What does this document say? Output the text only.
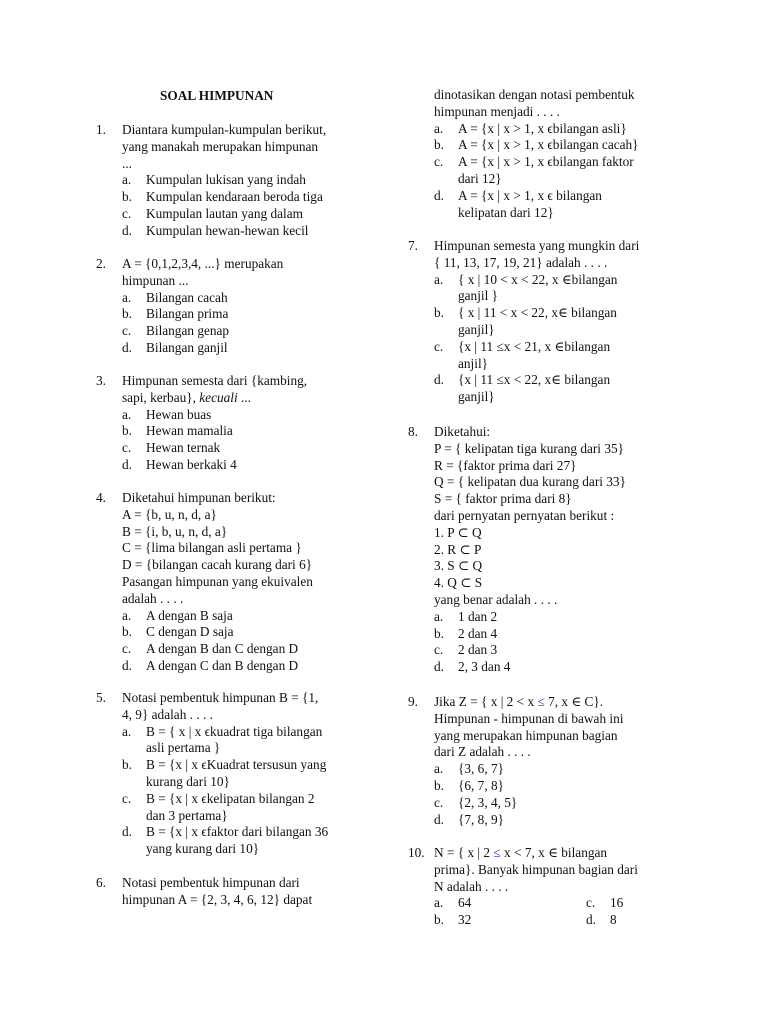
SOAL HIMPUNAN
1. Diantara kumpulan-kumpulan berikut,
yang manakah merupakan himpunan
...
a. Kumpulan lukisan yang indah
b. Kumpulan kendaraan beroda tiga
c. Kumpulan lautan yang dalam
d. Kumpulan hewan-hewan kecil
2. A = {0,1,2,3,4, ...} merupakan
himpunan ...
a. Bilangan cacah
b. Bilangan prima
c. Bilangan genap
d. Bilangan ganjil
3. Himpunan semesta dari {kambing,
sapi, kerbau}, kecuali ...
a. Hewan buas
b. Hewan mamalia
c. Hewan ternak
d. Hewan berkaki 4
4. Diketahui himpunan berikut:
A = {b, u, n, d, a}
B = {i, b, u, n, d, a}
C = {lima bilangan asli pertama }
D = {bilangan cacah kurang dari 6}
Pasangan himpunan yang ekuivalen
adalah . . . .
a. A dengan B saja
b. C dengan D saja
c. A dengan B dan C dengan D
d. A dengan C dan B dengan D
5. Notasi pembentuk himpunan B = {1,
4, 9} adalah . . . .
a. B = { x | x ϵkuadrat tiga bilangan
asli pertama }
b. B = {x | x ϵKuadrat tersusun yang
kurang dari 10}
c. B = {x | x ϵkelipatan bilangan 2
dan 3 pertama}
d. B = {x | x ϵfaktor dari bilangan 36
yang kurang dari 10}
6. Notasi pembentuk himpunan dari
himpunan A = {2, 3, 4, 6, 12} dapat
dinotasikan dengan notasi pembentuk
himpunan menjadi . . . .
a. A = {x | x > 1, x ϵbilangan asli}
b. A = {x | x > 1, x ϵbilangan cacah}
c. A = {x | x > 1, x ϵbilangan faktor
dari 12}
d. A = {x | x > 1, x ϵ bilangan
kelipatan dari 12}
7. Himpunan semesta yang mungkin dari
{ 11, 13, 17, 19, 21} adalah . . . .
a. { x | 10 < x < 22, x ∈bilangan
ganjil }
b. { x | 11 < x < 22, x∈ bilangan
ganjil}
c. {x | 11 ≤x < 21, x ∈bilangan
anjil}
d. {x | 11 ≤x < 22, x∈ bilangan
ganjil}
8. Diketahui:
P = { kelipatan tiga kurang dari 35}
R = {faktor prima dari 27}
Q = { kelipatan dua kurang dari 33}
S = { faktor prima dari 8}
dari pernyatan pernyatan berikut :
1. P ⊂ Q
2. R ⊂ P
3. S ⊂ Q
4. Q ⊂ S
yang benar adalah . . . .
a. 1 dan 2
b. 2 dan 4
c. 2 dan 3
d. 2, 3 dan 4
9. Jika Z = { x | 2 < x ≤ 7, x ∈ C}.
Himpunan - himpunan di bawah ini
yang merupakan himpunan bagian
dari Z adalah . . . .
a. {3, 6, 7}
b. {6, 7, 8}
c. {2, 3, 4, 5}
d. {7, 8, 9}
10. N = { x | 2 ≤ x < 7, x ∈ bilangan
prima}. Banyak himpunan bagian dari
N adalah . . . .
a. 64	c. 16
b. 32	d. 8
